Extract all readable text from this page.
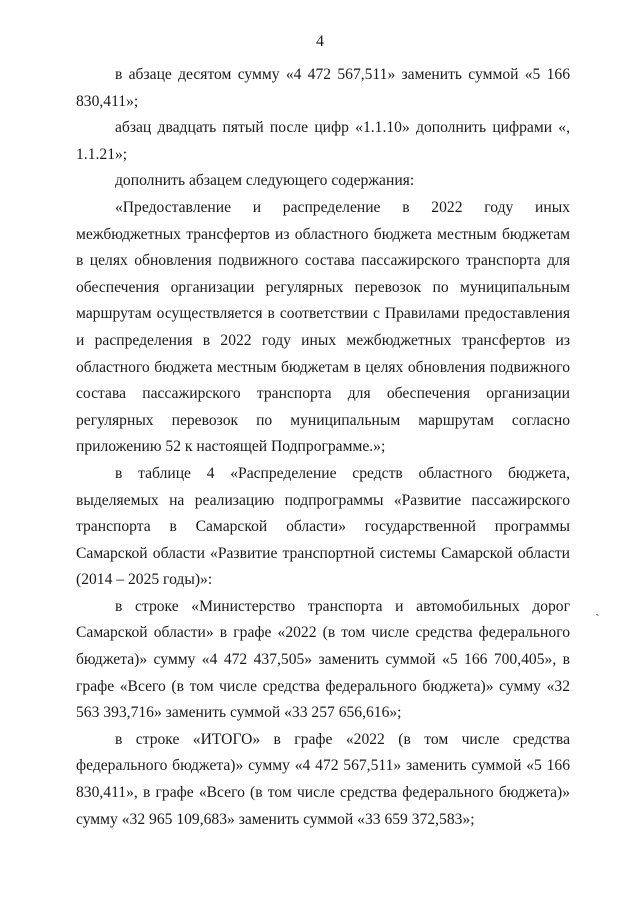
4

в абзаце десятом сумму «4 472 567,511» заменить суммой «5 166 830,411»;

абзац двадцать пятый после цифр «1.1.10» дополнить цифрами «, 1.1.21»;

дополнить абзацем следующего содержания:

«Предоставление и распределение в 2022 году иных межбюджетных трансфертов из областного бюджета местным бюджетам в целях обновления подвижного состава пассажирского транспорта для обеспечения организации регулярных перевозок по муниципальным маршрутам осуществляется в соответствии с Правилами предоставления и распределения в 2022 году иных межбюджетных трансфертов из областного бюджета местным бюджетам в целях обновления подвижного состава пассажирского транспорта для обеспечения организации регулярных перевозок по муниципальным маршрутам согласно приложению 52 к настоящей Подпрограмме.»;

в таблице 4 «Распределение средств областного бюджета, выделяемых на реализацию подпрограммы «Развитие пассажирского транспорта в Самарской области» государственной программы Самарской области «Развитие транспортной системы Самарской области (2014 – 2025 годы)»:

в строке «Министерство транспорта и автомобильных дорог Самарской области» в графе «2022 (в том числе средства федерального бюджета)» сумму «4 472 437,505» заменить суммой «5 166 700,405», в графе «Всего (в том числе средства федерального бюджета)» сумму «32 563 393,716» заменить суммой «33 257 656,616»;

в строке «ИТОГО» в графе «2022 (в том числе средства федерального бюджета)» сумму «4 472 567,511» заменить суммой «5 166 830,411», в графе «Всего (в том числе средства федерального бюджета)» сумму «32 965 109,683» заменить суммой «33 659 372,583»;

ˎ
